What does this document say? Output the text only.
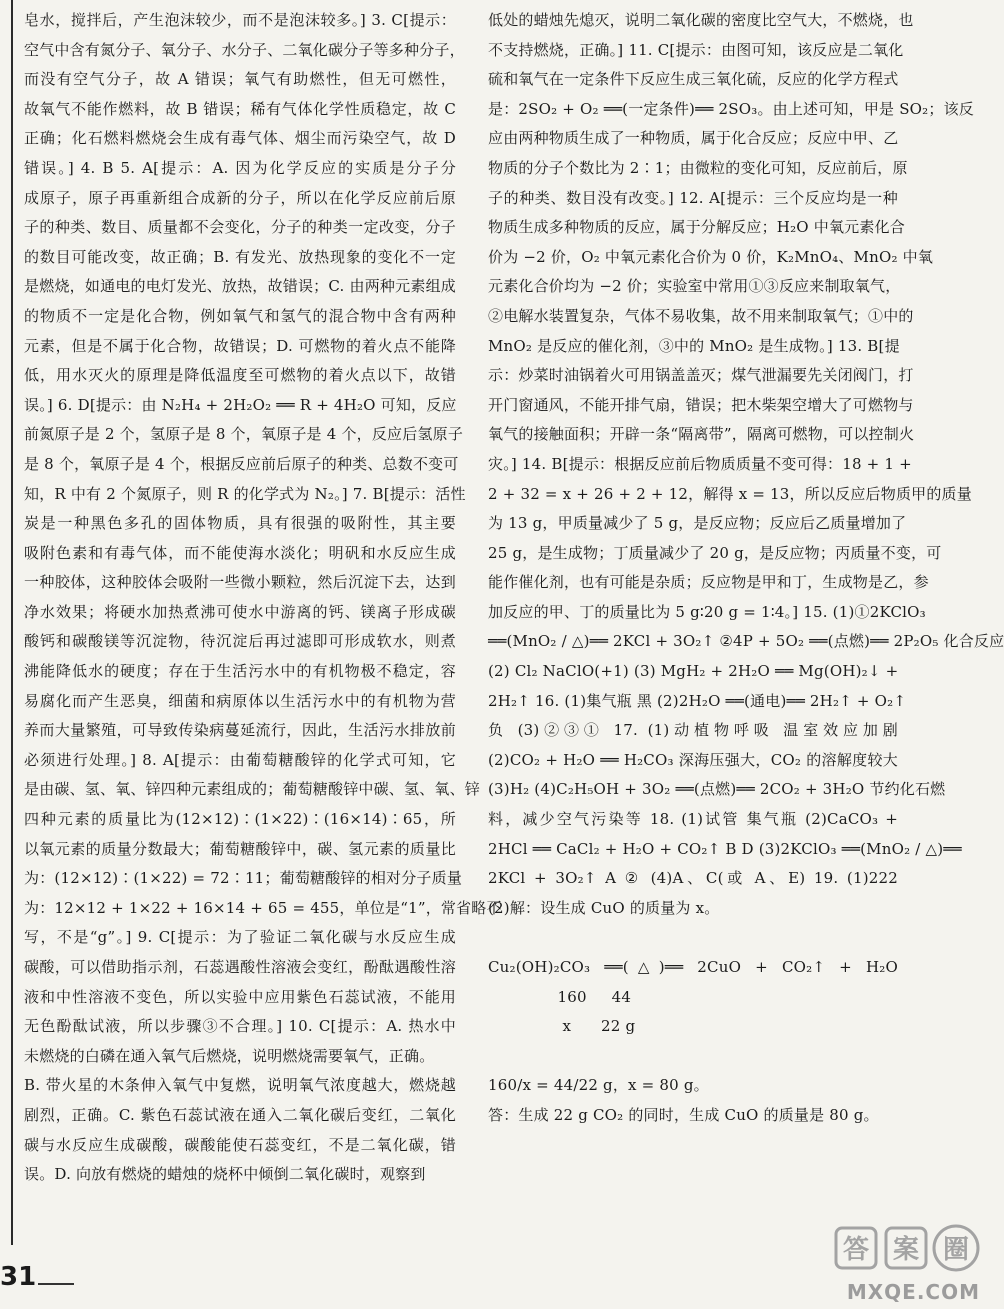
皂水，搅拌后，产生泡沫较少，而不是泡沫较多。] 3. C[提示：
空气中含有氮分子、氧分子、水分子、二氧化碳分子等多种分子，
而没有空气分子，故 A 错误；氧气有助燃性，但无可燃性，
故氧气不能作燃料，故 B 错误；稀有气体化学性质稳定，故 C
正确；化石燃料燃烧会生成有毒气体、烟尘而污染空气，故 D
错误。] 4. B 5. A[提示：A. 因为化学反应的实质是分子分
成原子，原子再重新组合成新的分子，所以在化学反应前后原
子的种类、数目、质量都不会变化，分子的种类一定改变，分子
的数目可能改变，故正确；B. 有发光、放热现象的变化不一定
是燃烧，如通电的电灯发光、放热，故错误；C. 由两种元素组成
的物质不一定是化合物，例如氧气和氢气的混合物中含有两种
元素，但是不属于化合物，故错误；D. 可燃物的着火点不能降
低，用水灭火的原理是降低温度至可燃物的着火点以下，故错
误。] 6. D[提示：由 N₂H₄ + 2H₂O₂ ══ R + 4H₂O 可知，反应
前氮原子是 2 个，氢原子是 8 个，氧原子是 4 个，反应后氢原子
是 8 个，氧原子是 4 个，根据反应前后原子的种类、总数不变可
知，R 中有 2 个氮原子，则 R 的化学式为 N₂。] 7. B[提示：活性
炭是一种黑色多孔的固体物质，具有很强的吸附性，其主要
吸附色素和有毒气体，而不能使海水淡化；明矾和水反应生成
一种胶体，这种胶体会吸附一些微小颗粒，然后沉淀下去，达到
净水效果；将硬水加热煮沸可使水中游离的钙、镁离子形成碳
酸钙和碳酸镁等沉淀物，待沉淀后再过滤即可形成软水，则煮
沸能降低水的硬度；存在于生活污水中的有机物极不稳定，容
易腐化而产生恶臭，细菌和病原体以生活污水中的有机物为营
养而大量繁殖，可导致传染病蔓延流行，因此，生活污水排放前
必须进行处理。] 8. A[提示：由葡萄糖酸锌的化学式可知，它
是由碳、氢、氧、锌四种元素组成的；葡萄糖酸锌中碳、氢、氧、锌
四种元素的质量比为(12×12)∶(1×22)∶(16×14)∶65，所
以氧元素的质量分数最大；葡萄糖酸锌中，碳、氢元素的质量比
为：(12×12)∶(1×22) = 72∶11；葡萄糖酸锌的相对分子质量
为：12×12 + 1×22 + 16×14 + 65 = 455，单位是“1”，常省略不
写，不是“g”。] 9. C[提示：为了验证二氧化碳与水反应生成
碳酸，可以借助指示剂，石蕊遇酸性溶液会变红，酚酞遇酸性溶
液和中性溶液不变色，所以实验中应用紫色石蕊试液，不能用
无色酚酞试液，所以步骤③不合理。] 10. C[提示：A. 热水中
未燃烧的白磷在通入氧气后燃烧，说明燃烧需要氧气，正确。
B. 带火星的木条伸入氧气中复燃，说明氧气浓度越大，燃烧越
剧烈，正确。C. 紫色石蕊试液在通入二氧化碳后变红，二氧化
碳与水反应生成碳酸，碳酸能使石蕊变红，不是二氧化碳，错
误。D. 向放有燃烧的蜡烛的烧杯中倾倒二氧化碳时，观察到
低处的蜡烛先熄灭，说明二氧化碳的密度比空气大，不燃烧，也
不支持燃烧，正确。] 11. C[提示：由图可知，该反应是二氧化
硫和氧气在一定条件下反应生成三氧化硫，反应的化学方程式
是：2SO₂ + O₂ ══(一定条件)══ 2SO₃。由上述可知，甲是 SO₂；该反
应由两种物质生成了一种物质，属于化合反应；反应中甲、乙
物质的分子个数比为 2∶1；由微粒的变化可知，反应前后，原
子的种类、数目没有改变。] 12. A[提示：三个反应均是一种
物质生成多种物质的反应，属于分解反应；H₂O 中氧元素化合
价为 −2 价，O₂ 中氧元素化合价为 0 价，K₂MnO₄、MnO₂ 中氧
元素化合价均为 −2 价；实验室中常用①③反应来制取氧气，
②电解水装置复杂，气体不易收集，故不用来制取氧气；①中的
MnO₂ 是反应的催化剂，③中的 MnO₂ 是生成物。] 13. B[提
示：炒菜时油锅着火可用锅盖盖灭；煤气泄漏要先关闭阀门，打
开门窗通风，不能开排气扇，错误；把木柴架空增大了可燃物与
氧气的接触面积；开辟一条“隔离带”，隔离可燃物，可以控制火
灾。] 14. B[提示：根据反应前后物质质量不变可得：18 + 1 +
2 + 32 = x + 26 + 2 + 12，解得 x = 13，所以反应后物质甲的质量
为 13 g，甲质量减少了 5 g，是反应物；反应后乙质量增加了
25 g，是生成物；丁质量减少了 20 g，是反应物；丙质量不变，可
能作催化剂，也有可能是杂质；反应物是甲和丁，生成物是乙，参
加反应的甲、丁的质量比为 5 g∶20 g = 1∶4。] 15. (1)①2KClO₃
══(MnO₂ / △)══ 2KCl + 3O₂↑ ②4P + 5O₂ ══(点燃)══ 2P₂O₅ 化合反应
(2) Cl₂ NaClO(+1) (3) MgH₂ + 2H₂O ══ Mg(OH)₂↓ +
2H₂↑ 16. (1)集气瓶 黑 (2)2H₂O ══(通电)══ 2H₂↑ + O₂↑
负 (3)②③① 17. (1)动植物呼吸 温室效应加剧
(2)CO₂ + H₂O ══ H₂CO₃ 深海压强大，CO₂ 的溶解度较大
(3)H₂ (4)C₂H₅OH + 3O₂ ══(点燃)══ 2CO₂ + 3H₂O 节约化石燃
料，减少空气污染等 18. (1)试管 集气瓶 (2)CaCO₃ +
2HCl ══ CaCl₂ + H₂O + CO₂↑ B D (3)2KClO₃ ══(MnO₂ / △)══
2KCl + 3O₂↑ A ② (4)A、C(或 A、E) 19. (1)222
(2)解：设生成 CuO 的质量为 x。

Cu₂(OH)₂CO₃ ══(△)══ 2CuO + CO₂↑ + H₂O
160     44
x      22 g

160/x = 44/22 g，x = 80 g。
答：生成 22 g CO₂ 的同时，生成 CuO 的质量是 80 g。
31
答 案 圈
MXQE.COM
